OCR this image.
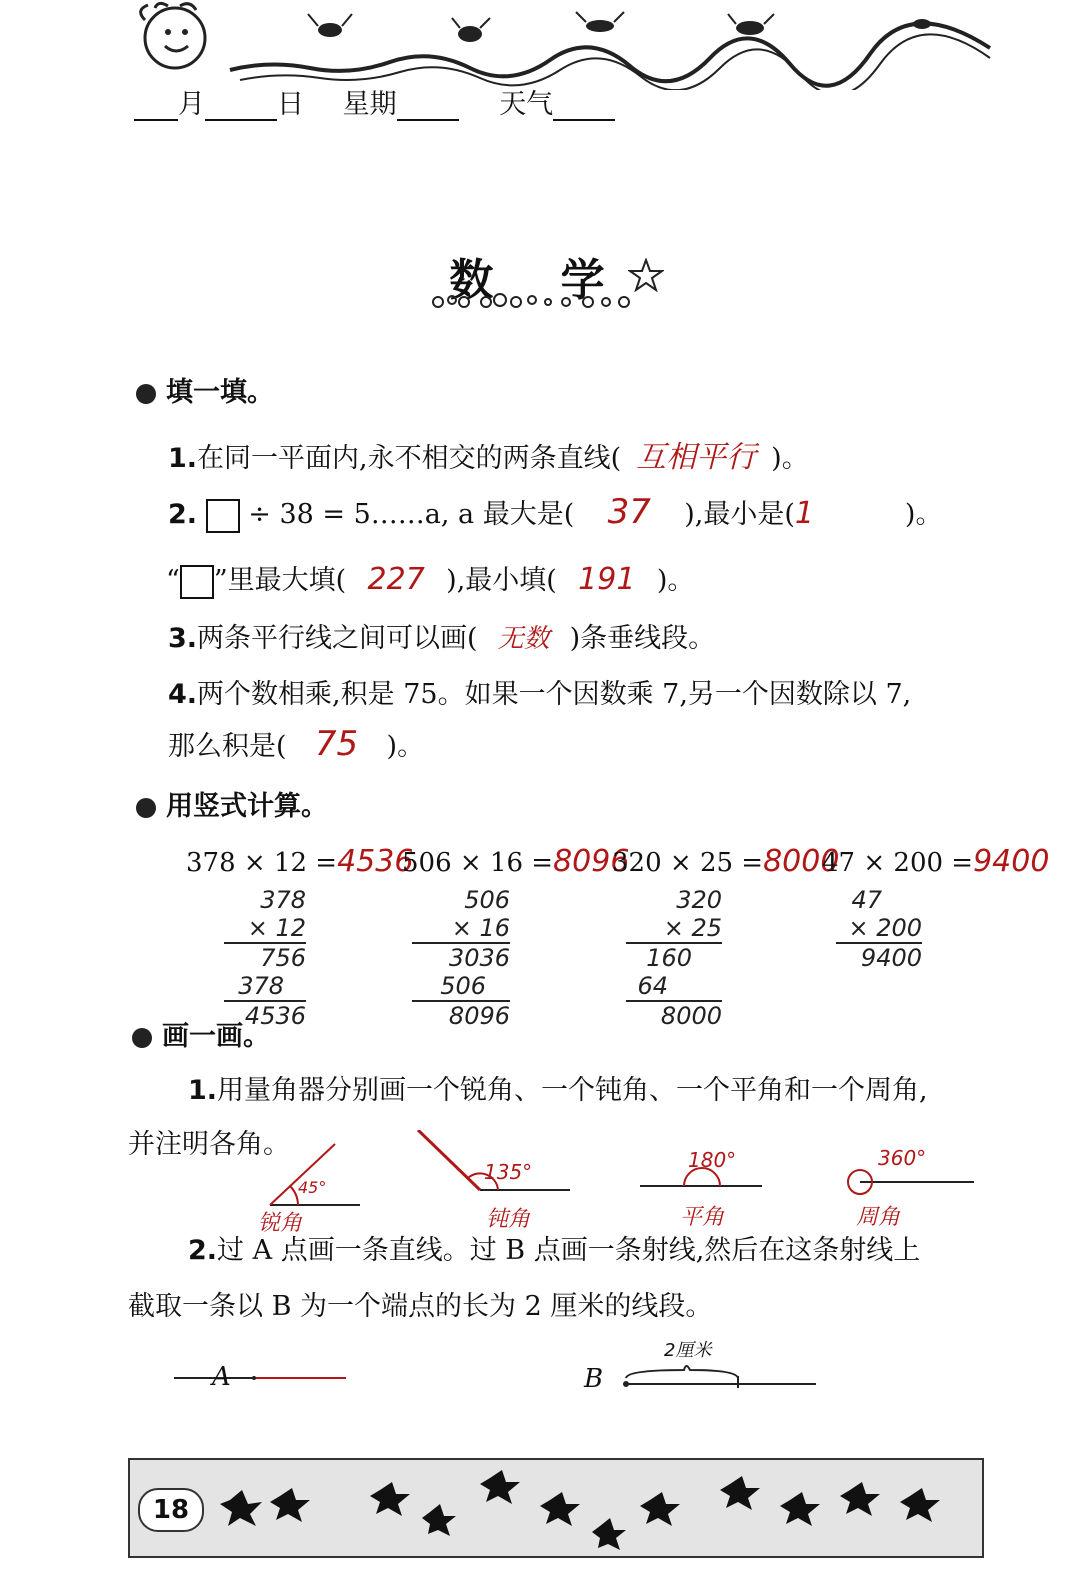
月	日 星期	天气
数 学
填一填。
1.在同一平面内,永不相交的两条直线( 互相平行 )。
2. ÷ 38 = 5……a, a 最大是( 37 ),最小是(1	)。
“ ”里最大填( 227 ),最小填( 191 )。
3.两条平行线之间可以画( 无数 )条垂线段。
4.两个数相乘,积是 75。如果一个因数乘 7,另一个因数除以 7,
那么积是( 75 )。
用竖式计算。
378 × 12 =4536
506 × 16 =8096
320 × 25 =8000
47 × 200 =9400
378
× 12
756
378
4536
506
× 16
3036
506
8096
320
× 25
160
64
8000
47
× 200
9400
画一画。
1.用量角器分别画一个锐角、一个钝角、一个平角和一个周角,
并注明各角。
45°
锐角
135°
钝角
180°
平角
360°
周角
2.过 A 点画一条直线。过 B 点画一条射线,然后在这条射线上
截取一条以 B 为一个端点的长为 2 厘米的线段。
A	B
2厘米
18
